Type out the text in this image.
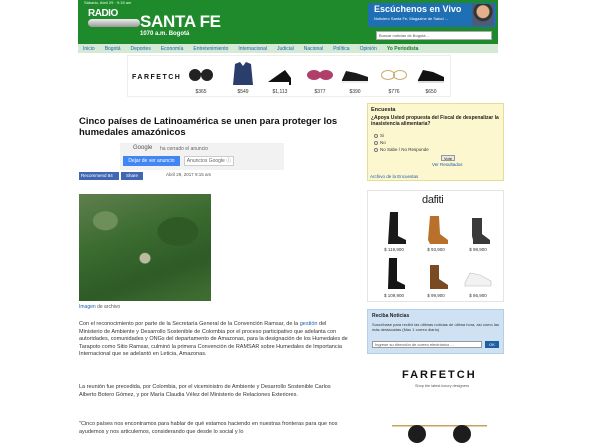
Sábado, Abril 29 · 9:15 am
RADIO SANTA FE
1070 a.m. Bogotá
Escúchenos en Vivo
Noticiero Santa Fe, Magazine de Salud ...
Buscar noticias de Bogotá...
Inicio	Bogotá	Deportes	Economía	Entretenimiento	Internacional	Judicial	Nacional	Política	Opinión	Yo Periodista
FARFETCH
$365	$549	$1,113	$377	$390	$776	$650
Cinco países de Latinoamérica se unen para proteger los humedales amazónicos
Google ha cerrado el anuncio
Dejar de ver anuncio	Anuncios Google ⓘ
Recommend 84	Share	Abril 29, 2017 9:15 am
Imagen de archivo
Con el reconocimiento por parte de la Secretaría General de la Convención Ramsar, de la gestión del Ministerio de Ambiente y Desarrollo Sostenible de Colombia por el proceso participativo que adelanta con autoridades, comunidades y ONGs del departamento de Amazonas, para la designación de los Humedales de Tarapoto como Sitio Ramsar, culminó la primera Convención de RAMSAR sobre Humedales de Importancia Internacional que se adelantó en Leticia, Amazonas.
La reunión fue precedida, por Colombia, por el viceministro de Ambiente y Desarrollo Sostenible Carlos Alberto Botero Gómez, y por María Claudia Vélez del Ministerio de Relaciones Exteriores.
"Cinco países nos encontramos para hablar de qué estamos haciendo en nuestras fronteras para que nos ayudemos y nos articulemos, considerando que desde lo social y lo
Encuesta
¿Apoya Usted propuesta del Fiscal de despenalizar la inasistencia alimentaria?
Si
No
No Sabe / No Responde
Vote
Ver Resultados
Archivo de la Encuestas
dafiti
$ 119,900	$ 93,900	$ 98,900
$ 109,900	$ 99,900	$ 86,900
Reciba Noticias
Suscríbase para recibir las últimas noticias de última hora, así como las más destacadas (Max 1 correo diario)
Ingrese su dirección de correo electrónico ...	OK
FARFETCH
Shop the latest luxury designers
